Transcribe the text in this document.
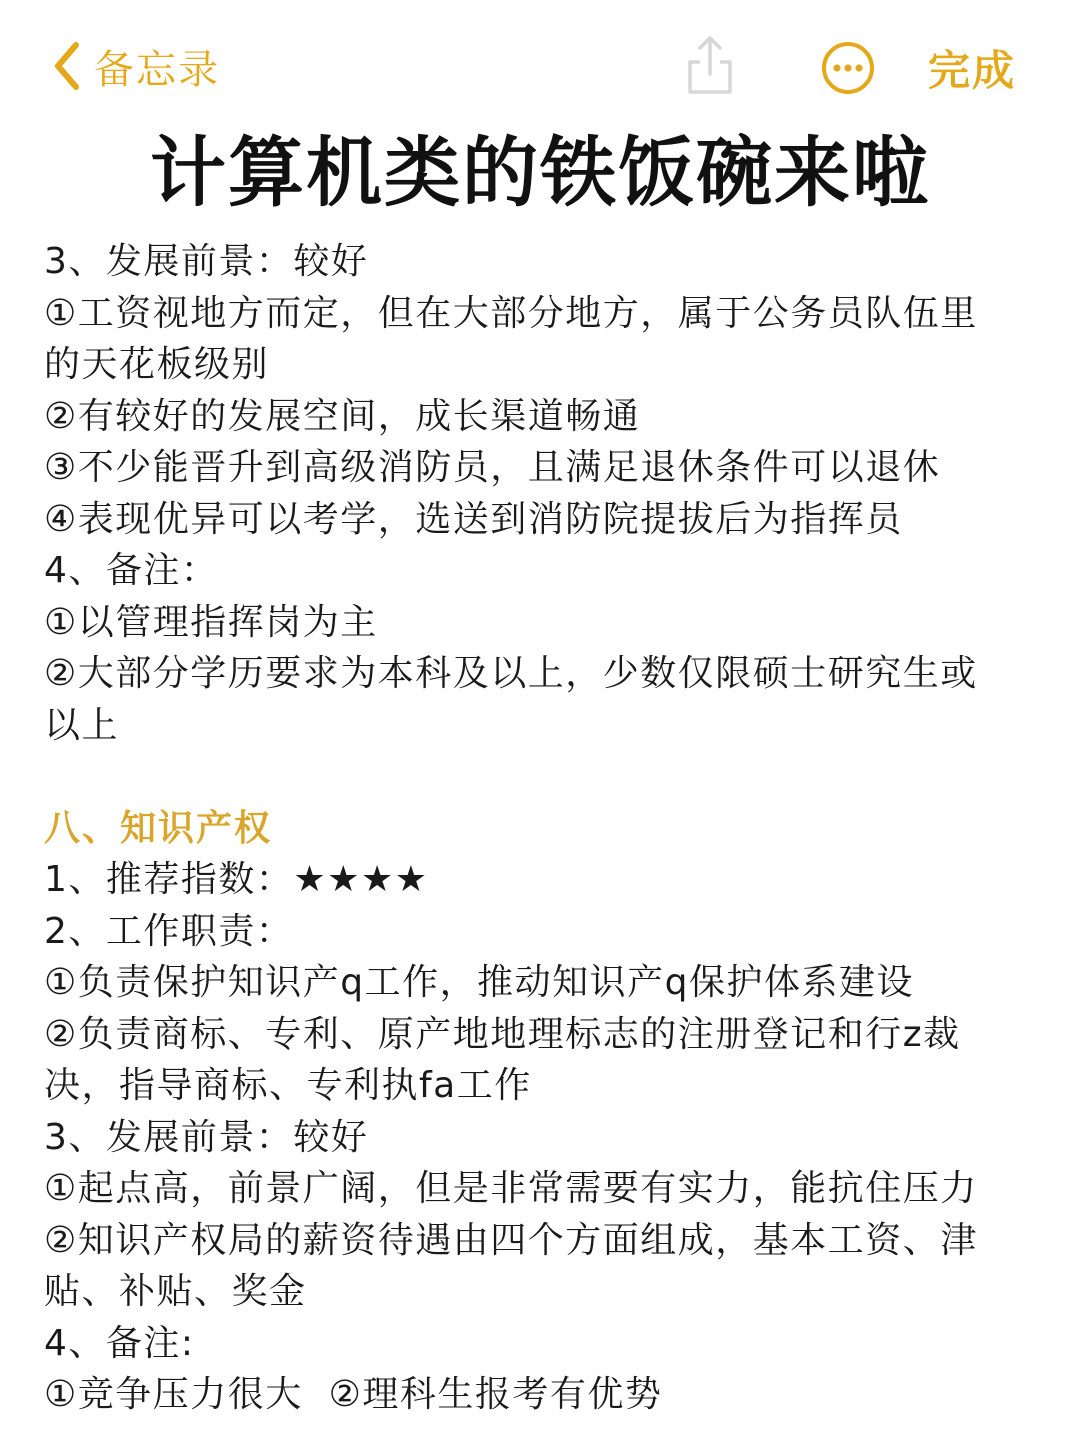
备忘录	完成
计算机类的铁饭碗来啦
3、发展前景：较好
①工资视地方而定，但在大部分地方，属于公务员队伍里
的天花板级别
②有较好的发展空间，成长渠道畅通
③不少能晋升到高级消防员，且满足退休条件可以退休
④表现优异可以考学，选送到消防院提拔后为指挥员
4、备注：
①以管理指挥岗为主
②大部分学历要求为本科及以上，少数仅限硕士研究生或
以上
八、知识产权
1、推荐指数：★★★★
2、工作职责：
①负责保护知识产q工作，推动知识产q保护体系建设
②负责商标、专利、原产地地理标志的注册登记和行z裁
决，指导商标、专利执fa工作
3、发展前景：较好
①起点高，前景广阔，但是非常需要有实力，能抗住压力
②知识产权局的薪资待遇由四个方面组成，基本工资、津
贴、补贴、奖金
4、备注:
①竞争压力很大  ②理科生报考有优势
